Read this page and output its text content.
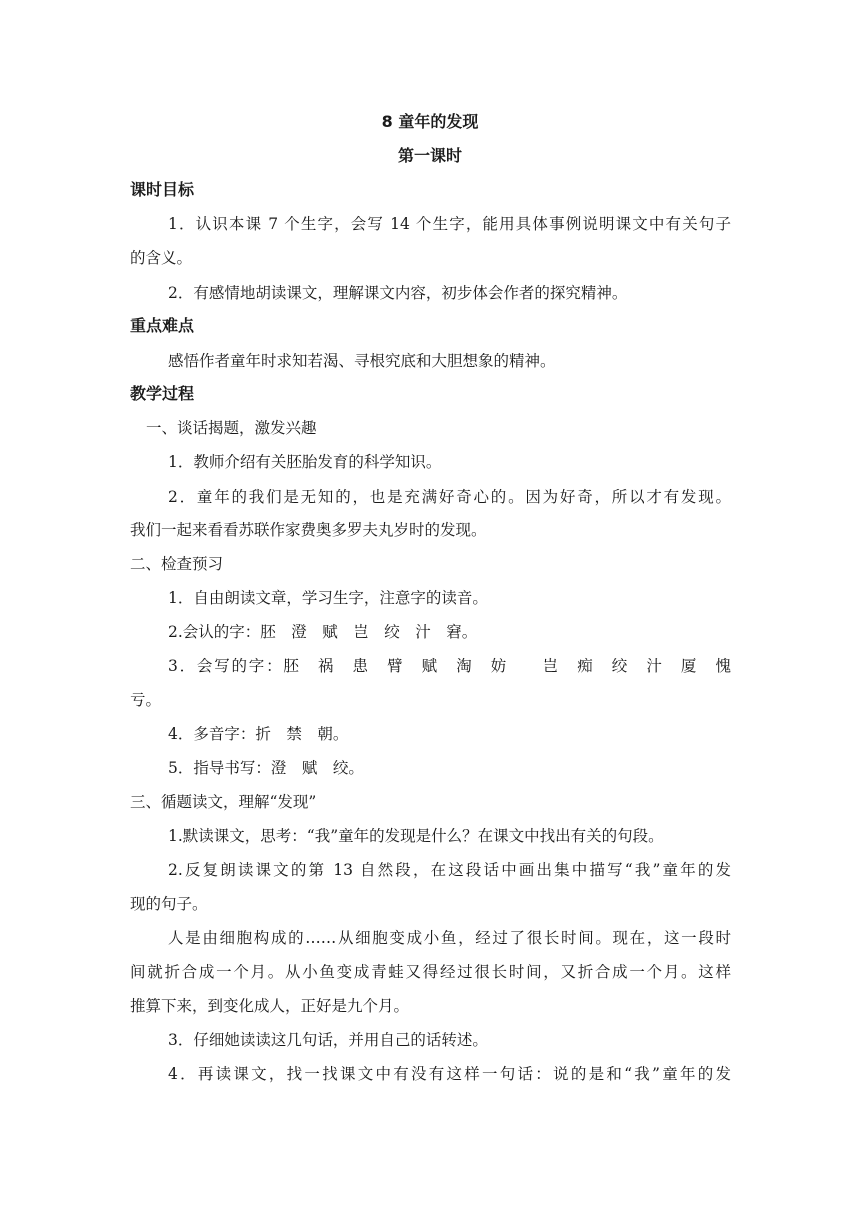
8 童年的发现
第一课时
课时目标
1．认识本课 7 个生字，会写 14 个生字，能用具体事例说明课文中有关句子
的含义。
2．有感情地胡读课文，理解课文内容，初步体会作者的探究精神。
重点难点
感悟作者童年时求知若渴、寻根究底和大胆想象的精神。
教学过程
一、谈话揭题，激发兴趣
1．教师介绍有关胚胎发育的科学知识。
2．童年的我们是无知的，也是充满好奇心的。因为好奇，所以才有发现。
我们一起来看看苏联作家费奥多罗夫丸岁时的发现。
二、检查预习
1．自由朗读文章，学习生字，注意字的读音。
2.会认的字：胚　澄　赋　岂　绞　汁　窘。
3．会写的字：胚　祸　患　臂　赋　淘　妨　　岂　痴　绞　汁　厦　愧
亏。
4．多音字：折　禁　朝。
5．指导书写：澄　赋　绞。
三、循题读文，理解“发现”
1.默读课文，思考：“我”童年的发现是什么？在课文中找出有关的句段。
2.反复朗读课文的第 13 自然段，在这段话中画出集中描写“我”童年的发
现的句子。
人是由细胞构成的……从细胞变成小鱼，经过了很长时间。现在，这一段时
间就折合成一个月。从小鱼变成青蛙又得经过很长时间，又折合成一个月。这样
推算下来，到变化成人，正好是九个月。
3．仔细她读读这几句话，并用自己的话转述。
4．再读课文，找一找课文中有没有这样一句话：说的是和“我”童年的发
